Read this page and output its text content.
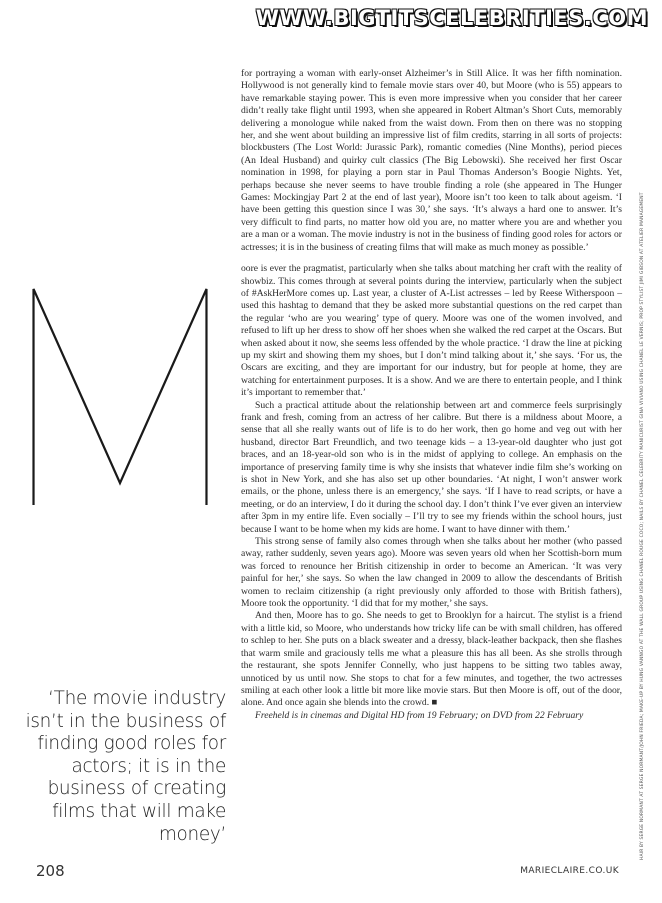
WWW.BIGTITSCELEBRITIES.COM

for portraying a woman with early-onset Alzheimer’s in Still Alice. It was her fifth nomination. Hollywood is not generally kind to female movie stars over 40, but Moore (who is 55) appears to have remarkable staying power. This is even more impressive when you consider that her career didn’t really take flight until 1993, when she appeared in Robert Altman’s Short Cuts, memorably delivering a monologue while naked from the waist down. From then on there was no stopping her, and she went about building an impressive list of film credits, starring in all sorts of projects: blockbusters (The Lost World: Jurassic Park), romantic comedies (Nine Months), period pieces (An Ideal Husband) and quirky cult classics (The Big Lebowski). She received her first Oscar nomination in 1998, for playing a porn star in Paul Thomas Anderson’s Boogie Nights. Yet, perhaps because she never seems to have trouble finding a role (she appeared in The Hunger Games: Mockingjay Part 2 at the end of last year), Moore isn’t too keen to talk about ageism. ‘I have been getting this question since I was 30,’ she says. ‘It’s always a hard one to answer. It’s very difficult to find parts, no matter how old you are, no matter where you are and whether you are a man or a woman. The movie industry is not in the business of finding good roles for actors or actresses; it is in the business of creating films that will make as much money as possible.’

oore is ever the pragmatist, particularly when she talks about matching her craft with the reality of showbiz. This comes through at several points during the interview, particularly when the subject of #AskHerMore comes up. Last year, a cluster of A-List actresses – led by Reese Witherspoon – used this hashtag to demand that they be asked more substantial questions on the red carpet than the regular ‘who are you wearing’ type of query. Moore was one of the women involved, and refused to lift up her dress to show off her shoes when she walked the red carpet at the Oscars. But when asked about it now, she seems less offended by the whole practice. ‘I draw the line at picking up my skirt and showing them my shoes, but I don’t mind talking about it,’ she says. ‘For us, the Oscars are exciting, and they are important for our industry, but for people at home, they are watching for entertainment purposes. It is a show. And we are there to entertain people, and I think it’s important to remember that.’

Such a practical attitude about the relationship between art and commerce feels surprisingly frank and fresh, coming from an actress of her calibre. But there is a mildness about Moore, a sense that all she really wants out of life is to do her work, then go home and veg out with her husband, director Bart Freundlich, and two teenage kids – a 13-year-old daughter who just got braces, and an 18-year-old son who is in the midst of applying to college. An emphasis on the importance of preserving family time is why she insists that whatever indie film she’s working on is shot in New York, and she has also set up other boundaries. ‘At night, I won’t answer work emails, or the phone, unless there is an emergency,’ she says. ‘If I have to read scripts, or have a meeting, or do an interview, I do it during the school day. I don’t think I’ve ever given an interview after 3pm in my entire life. Even socially – I’ll try to see my friends within the school hours, just because I want to be home when my kids are home. I want to have dinner with them.’

This strong sense of family also comes through when she talks about her mother (who passed away, rather suddenly, seven years ago). Moore was seven years old when her Scottish-born mum was forced to renounce her British citizenship in order to become an American. ‘It was very painful for her,’ she says. So when the law changed in 2009 to allow the descendants of British women to reclaim citizenship (a right previously only afforded to those with British fathers), Moore took the opportunity. ‘I did that for my mother,’ she says.

And then, Moore has to go. She needs to get to Brooklyn for a haircut. The stylist is a friend with a little kid, so Moore, who understands how tricky life can be with small children, has offered to schlep to her. She puts on a black sweater and a dressy, black-leather backpack, then she flashes that warm smile and graciously tells me what a pleasure this has all been. As she strolls through the restaurant, she spots Jennifer Connelly, who just happens to be sitting two tables away, unnoticed by us until now. She stops to chat for a few minutes, and together, the two actresses smiling at each other look a little bit more like movie stars. But then Moore is off, out of the door, alone. And once again she blends into the crowd. ■

Freeheld is in cinemas and Digital HD from 19 February; on DVD from 22 February

‘The movie industry isn’t in the business of finding good roles for actors; it is in the business of creating films that will make money’
208	MARIECLAIRE.CO.UK
HAIR BY SERGE NORMANT AT SERGE NORMANT/JOHN FRIEDA; MAKE-UP BY HUNG VANNGO AT THE WALL GROUP USING CHANEL ROUGE COCO; NAILS BY CHANEL CELEBRITY MANICURIST GINA VIVIANO USING CHANEL LE VERNIS; PROP STYLIST JIMI GIBSON AT ATELIER MANAGEMENT
